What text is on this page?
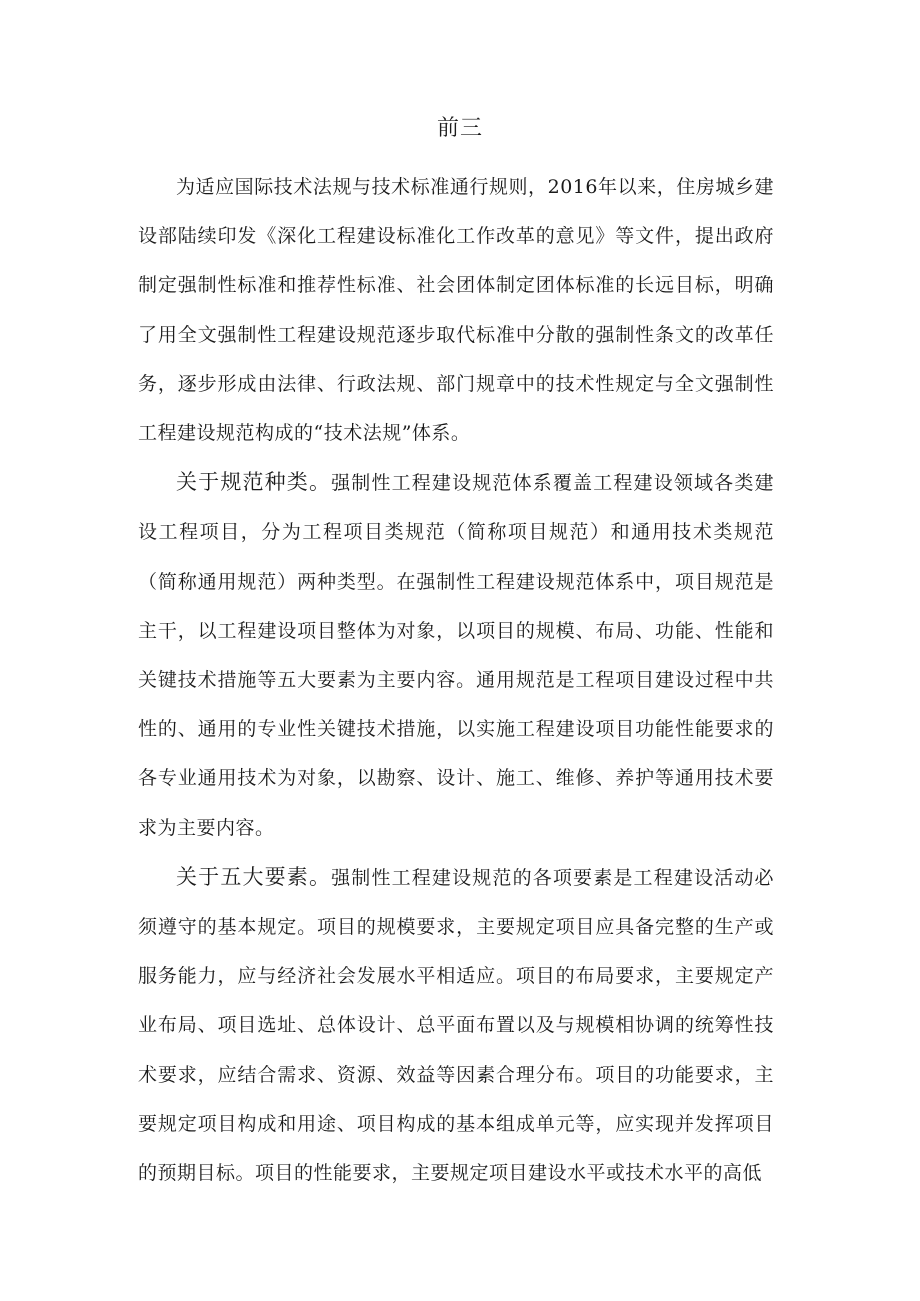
前三

为适应国际技术法规与技术标准通行规则，2016年以来，住房城乡建设部陆续印发《深化工程建设标准化工作改革的意见》等文件，提出政府制定强制性标准和推荐性标准、社会团体制定团体标准的长远目标，明确了用全文强制性工程建设规范逐步取代标准中分散的强制性条文的改革任务，逐步形成由法律、行政法规、部门规章中的技术性规定与全文强制性工程建设规范构成的“技术法规”体系。

关于规范种类。强制性工程建设规范体系覆盖工程建设领域各类建设工程项目，分为工程项目类规范（简称项目规范）和通用技术类规范（简称通用规范）两种类型。在强制性工程建设规范体系中，项目规范是主干，以工程建设项目整体为对象，以项目的规模、布局、功能、性能和关键技术措施等五大要素为主要内容。通用规范是工程项目建设过程中共性的、通用的专业性关键技术措施，以实施工程建设项目功能性能要求的各专业通用技术为对象，以勘察、设计、施工、维修、养护等通用技术要求为主要内容。

关于五大要素。强制性工程建设规范的各项要素是工程建设活动必须遵守的基本规定。项目的规模要求，主要规定项目应具备完整的生产或服务能力，应与经济社会发展水平相适应。项目的布局要求，主要规定产业布局、项目选址、总体设计、总平面布置以及与规模相协调的统筹性技术要求，应结合需求、资源、效益等因素合理分布。项目的功能要求，主要规定项目构成和用途、项目构成的基本组成单元等，应实现并发挥项目的预期目标。项目的性能要求，主要规定项目建设水平或技术水平的高低
